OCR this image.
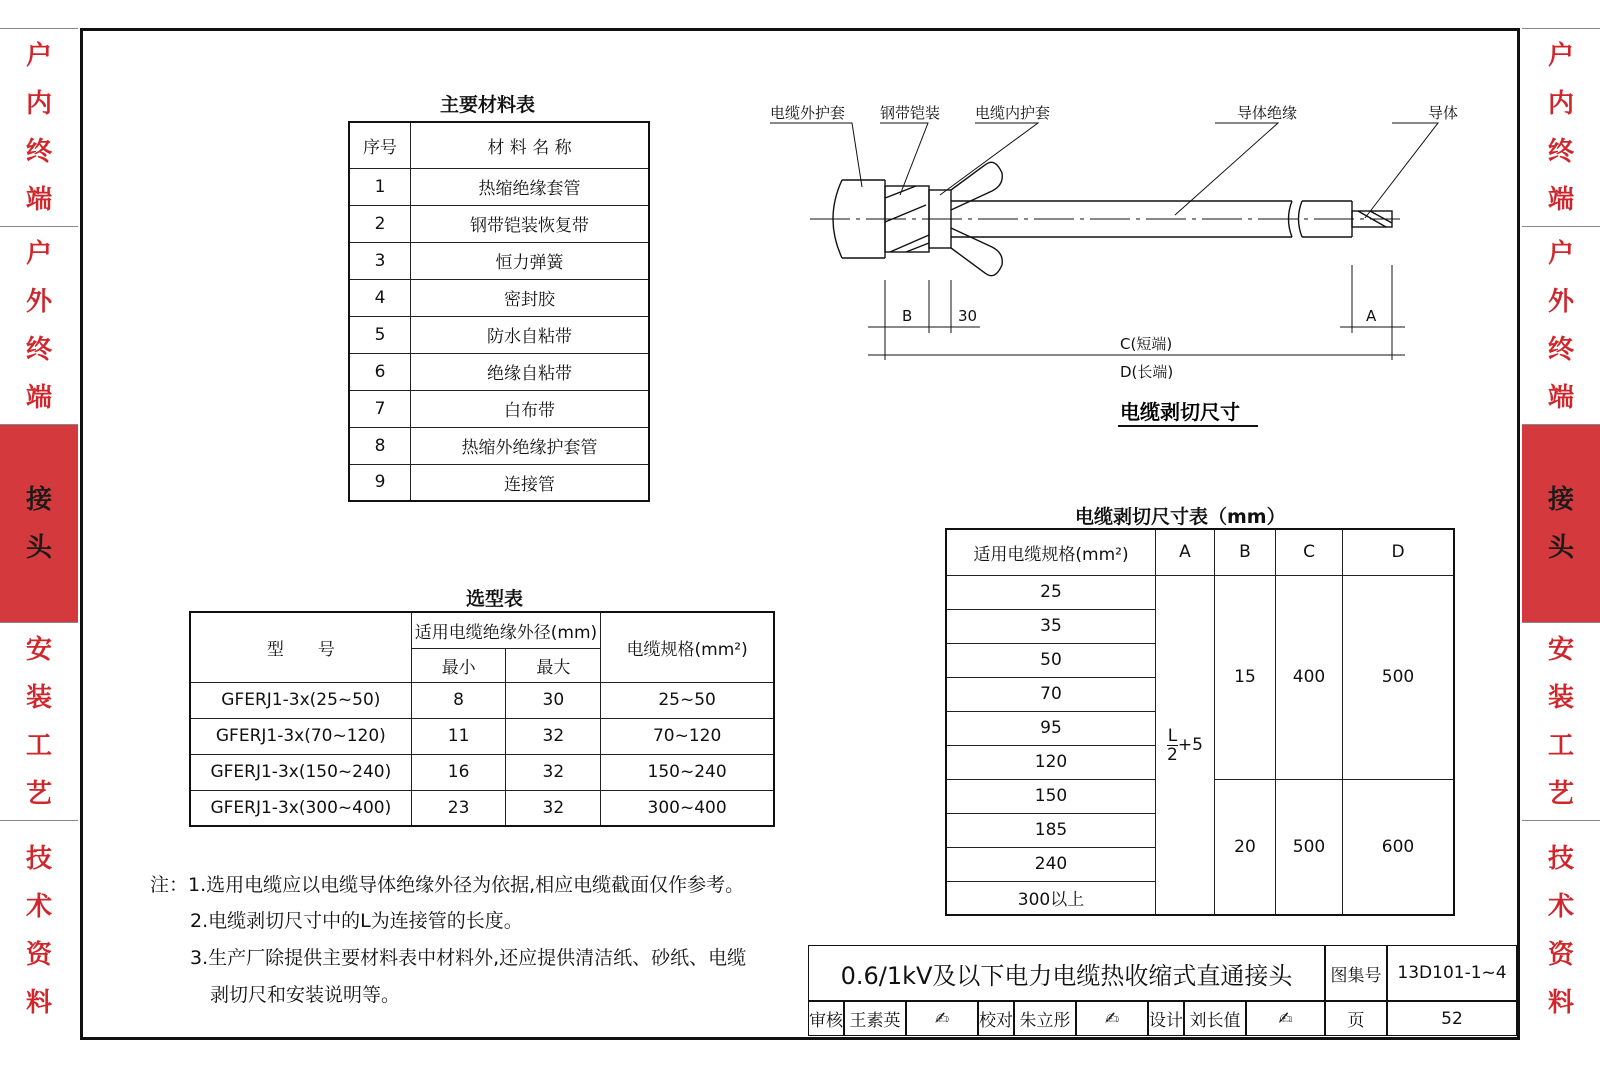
户
内
终
端
户
外
终
端
接
头
安
装
工
艺
技
术
资
料
户
内
终
端
户
外
终
端
接
头
安
装
工
艺
技
术
资
料
主要材料表
序号	材 料 名 称
1	热缩绝缘套管
2	钢带铠装恢复带
3	恒力弹簧
4	密封胶
5	防水自粘带
6	绝缘自粘带
7	白布带
8	热缩外绝缘护套管
9	连接管
选型表
型　　号	适用电缆绝缘外径(mm)		电缆规格(mm²)
	最小	最大	
GFERJ1-3x(25~50)	8	30	25~50
GFERJ1-3x(70~120)	11	32	70~120
GFERJ1-3x(150~240)	16	32	150~240
GFERJ1-3x(300~400)	23	32	300~400
电缆外护套 钢带铠装 电缆内护套	导体绝缘	导体
B	30	A
C(短端)
D(长端)
电缆剥切尺寸
电缆剥切尺寸表（mm）
适用电缆规格(mm²)	A	B	C	D
25	$\frac{L}{2} +5$	15	400	500
35				
50				
70				
95				
120				
150		20	500	600
185				
240				
300以上				
注：1.选用电缆应以电缆导体绝缘外径为依据,相应电缆截面仅作参考。
2.电缆剥切尺寸中的L为连接管的长度。
3.生产厂除提供主要材料表中材料外,还应提供清洁纸、砂纸、电缆
剥切尺和安装说明等。
0.6/1kV及以下电力电缆热收缩式直通接头	图集号 13D101-1~4
审核 王素英	✍	校对 朱立彤	✍	设计 刘长值	✍	页	52
